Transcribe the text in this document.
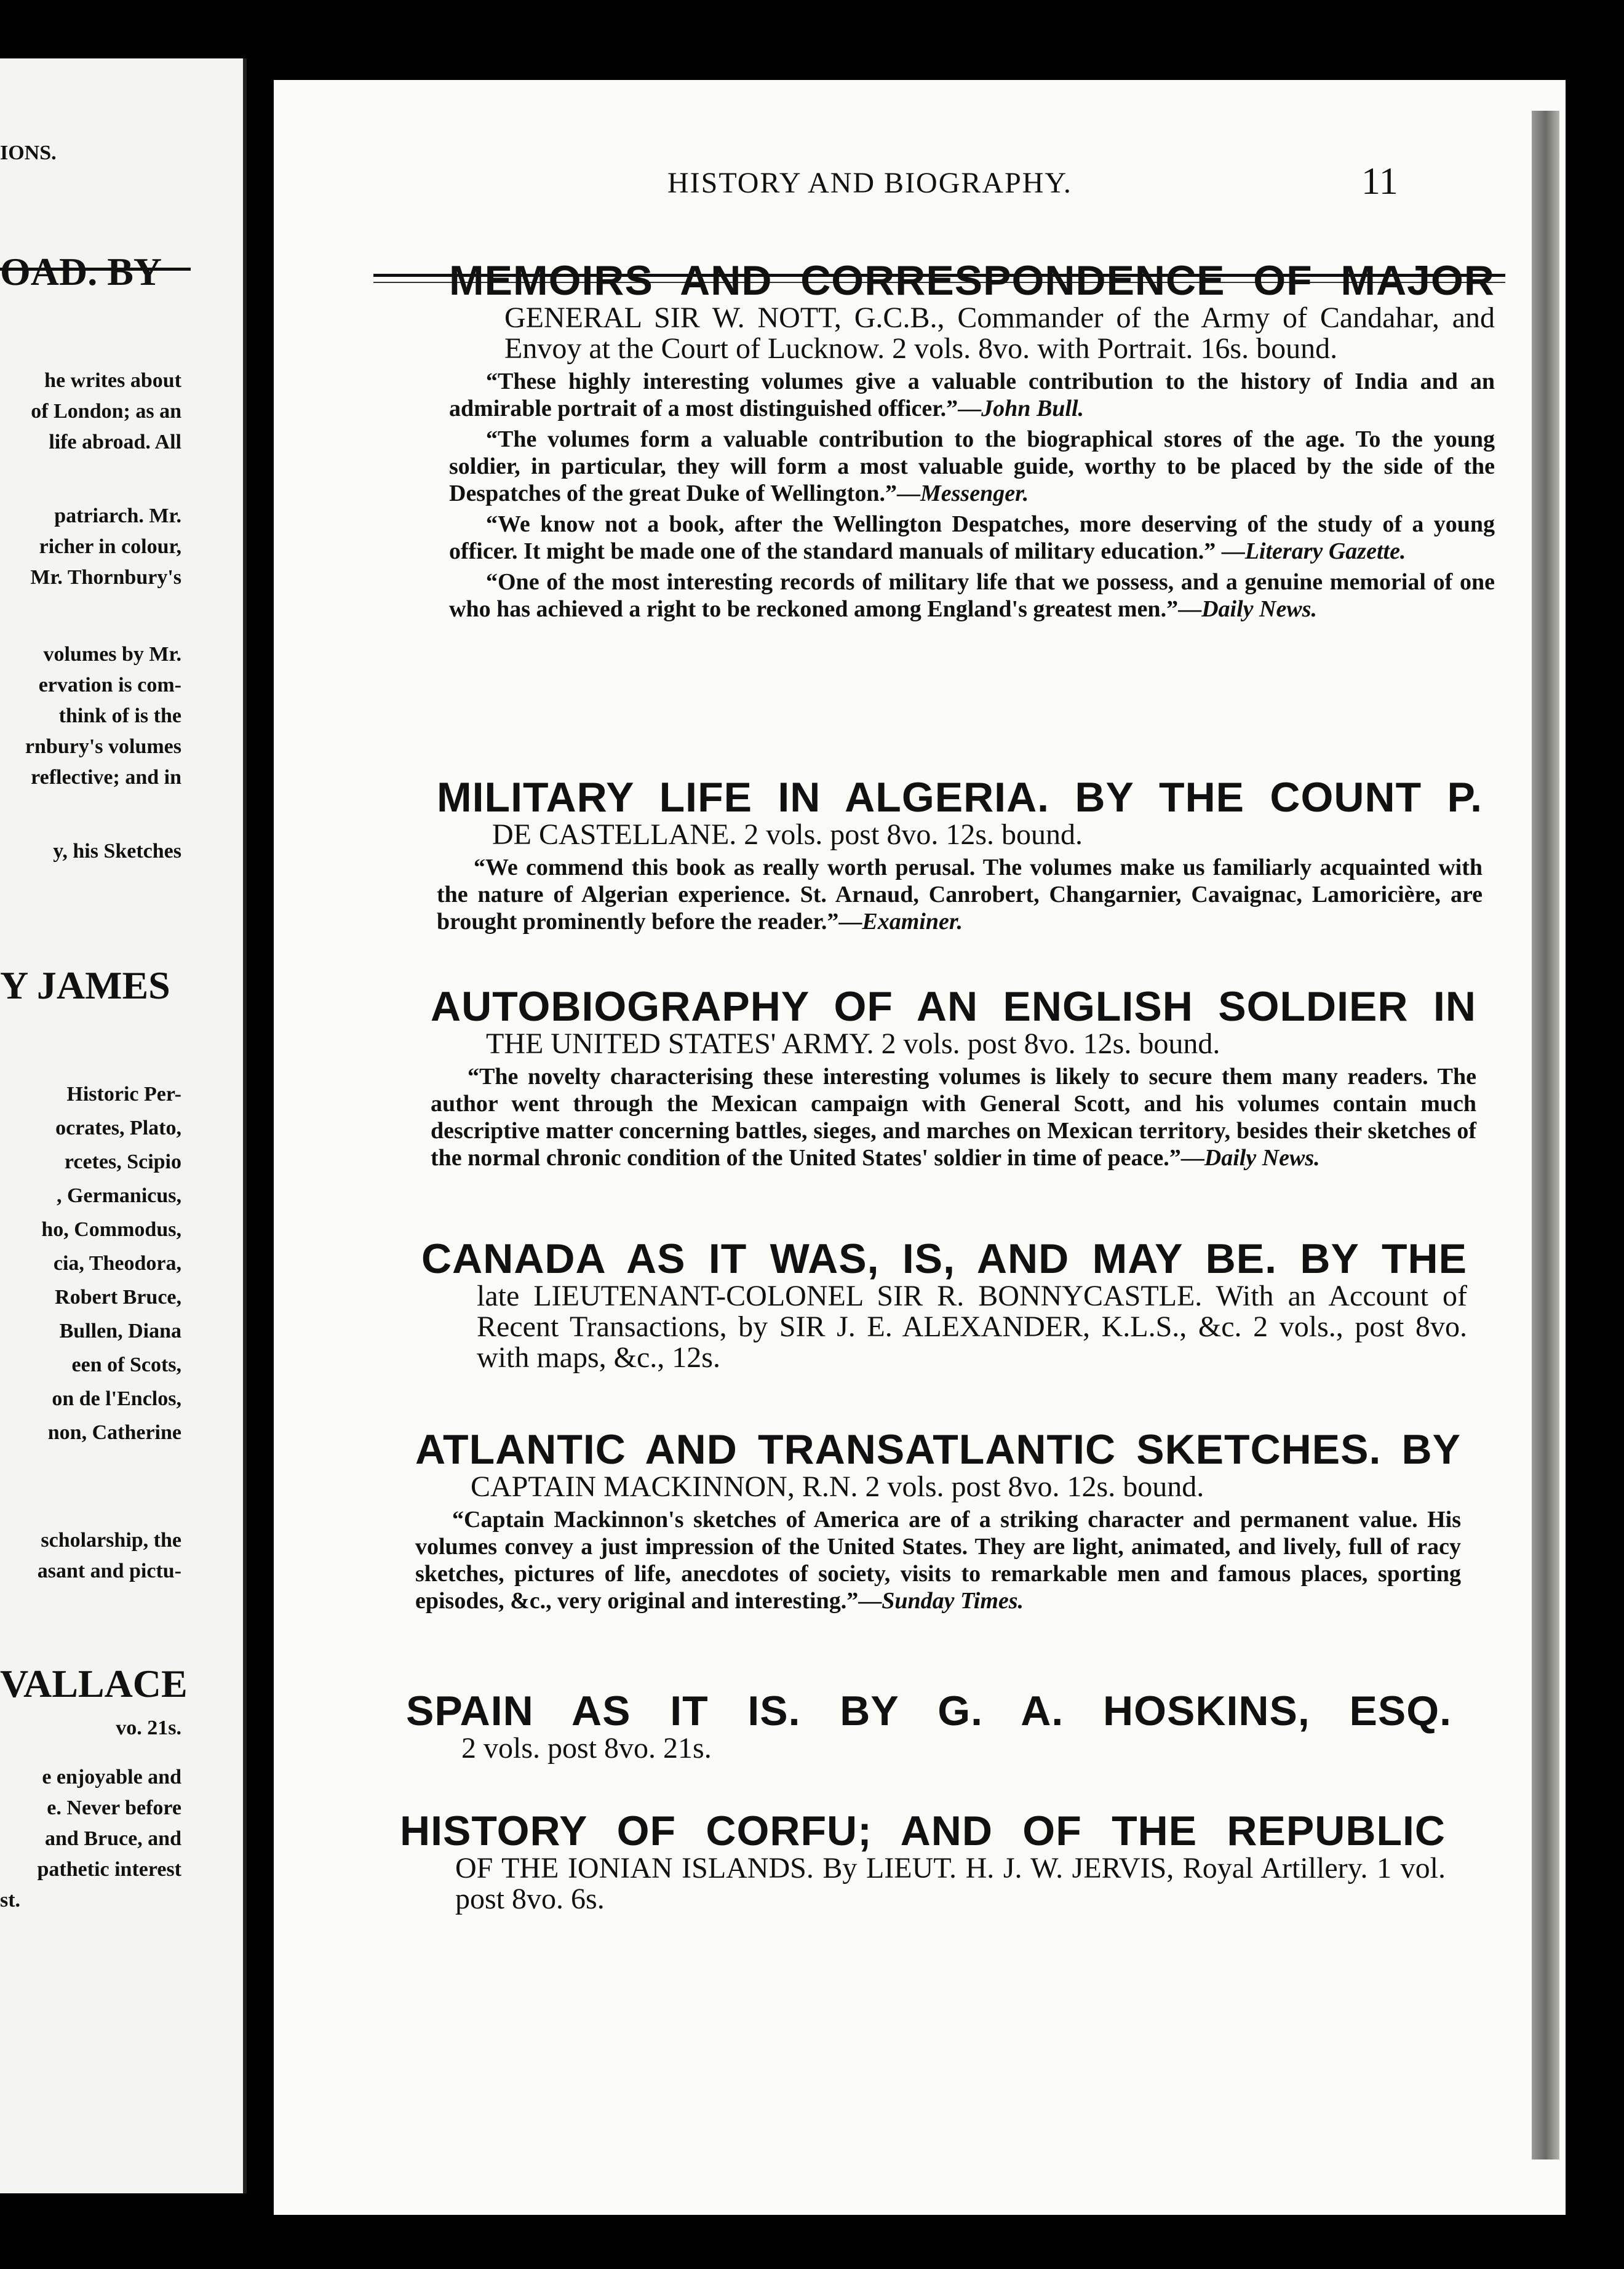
IONS.
OAD. BY
he writes about
of London; as an
life abroad. All
patriarch. Mr.
richer in colour,
Mr. Thornbury's
volumes by Mr.
ervation is com-
think of is the
rnbury's volumes
reflective; and in
y, his Sketches
Y JAMES
Historic Per-
ocrates, Plato,
rcetes, Scipio
, Germanicus,
ho, Commodus,
cia, Theodora,
Robert Bruce,
Bullen, Diana
een of Scots,
on de l'Enclos,
non, Catherine
scholarship, the
asant and pictu-
VALLACE
vo. 21s.
e enjoyable and
e. Never before
and Bruce, and
pathetic interest
st.
HISTORY AND BIOGRAPHY.	11
MEMOIRS AND CORRESPONDENCE OF MAJOR
GENERAL SIR W. NOTT, G.C.B., Commander of the Army of Candahar, and Envoy at the Court of Lucknow. 2 vols. 8vo. with Portrait. 16s. bound.
“These highly interesting volumes give a valuable contribution to the history of India and an admirable portrait of a most distinguished officer.”—John Bull.
“The volumes form a valuable contribution to the biographical stores of the age. To the young soldier, in particular, they will form a most valuable guide, worthy to be placed by the side of the Despatches of the great Duke of Wellington.”—Messenger.
“We know not a book, after the Wellington Despatches, more deserving of the study of a young officer. It might be made one of the standard manuals of military education.” —Literary Gazette.
“One of the most interesting records of military life that we possess, and a genuine memorial of one who has achieved a right to be reckoned among England's greatest men.”—Daily News.
MILITARY LIFE IN ALGERIA. BY THE COUNT P.
DE CASTELLANE. 2 vols. post 8vo. 12s. bound.
“We commend this book as really worth perusal. The volumes make us familiarly acquainted with the nature of Algerian experience. St. Arnaud, Canrobert, Changarnier, Cavaignac, Lamoricière, are brought prominently before the reader.”—Examiner.
AUTOBIOGRAPHY OF AN ENGLISH SOLDIER IN
THE UNITED STATES' ARMY. 2 vols. post 8vo. 12s. bound.
“The novelty characterising these interesting volumes is likely to secure them many readers. The author went through the Mexican campaign with General Scott, and his volumes contain much descriptive matter concerning battles, sieges, and marches on Mexican territory, besides their sketches of the normal chronic condition of the United States' soldier in time of peace.”—Daily News.
CANADA AS IT WAS, IS, AND MAY BE. BY THE
late LIEUTENANT-COLONEL SIR R. BONNYCASTLE. With an Account of Recent Transactions, by SIR J. E. ALEXANDER, K.L.S., &c. 2 vols., post 8vo. with maps, &c., 12s.
ATLANTIC AND TRANSATLANTIC SKETCHES. BY
CAPTAIN MACKINNON, R.N. 2 vols. post 8vo. 12s. bound.
“Captain Mackinnon's sketches of America are of a striking character and permanent value. His volumes convey a just impression of the United States. They are light, animated, and lively, full of racy sketches, pictures of life, anecdotes of society, visits to remarkable men and famous places, sporting episodes, &c., very original and interesting.”—Sunday Times.
SPAIN AS IT IS. BY G. A. HOSKINS, ESQ.
2 vols. post 8vo. 21s.
HISTORY OF CORFU; AND OF THE REPUBLIC
OF THE IONIAN ISLANDS. By LIEUT. H. J. W. JERVIS, Royal Artillery. 1 vol. post 8vo. 6s.
